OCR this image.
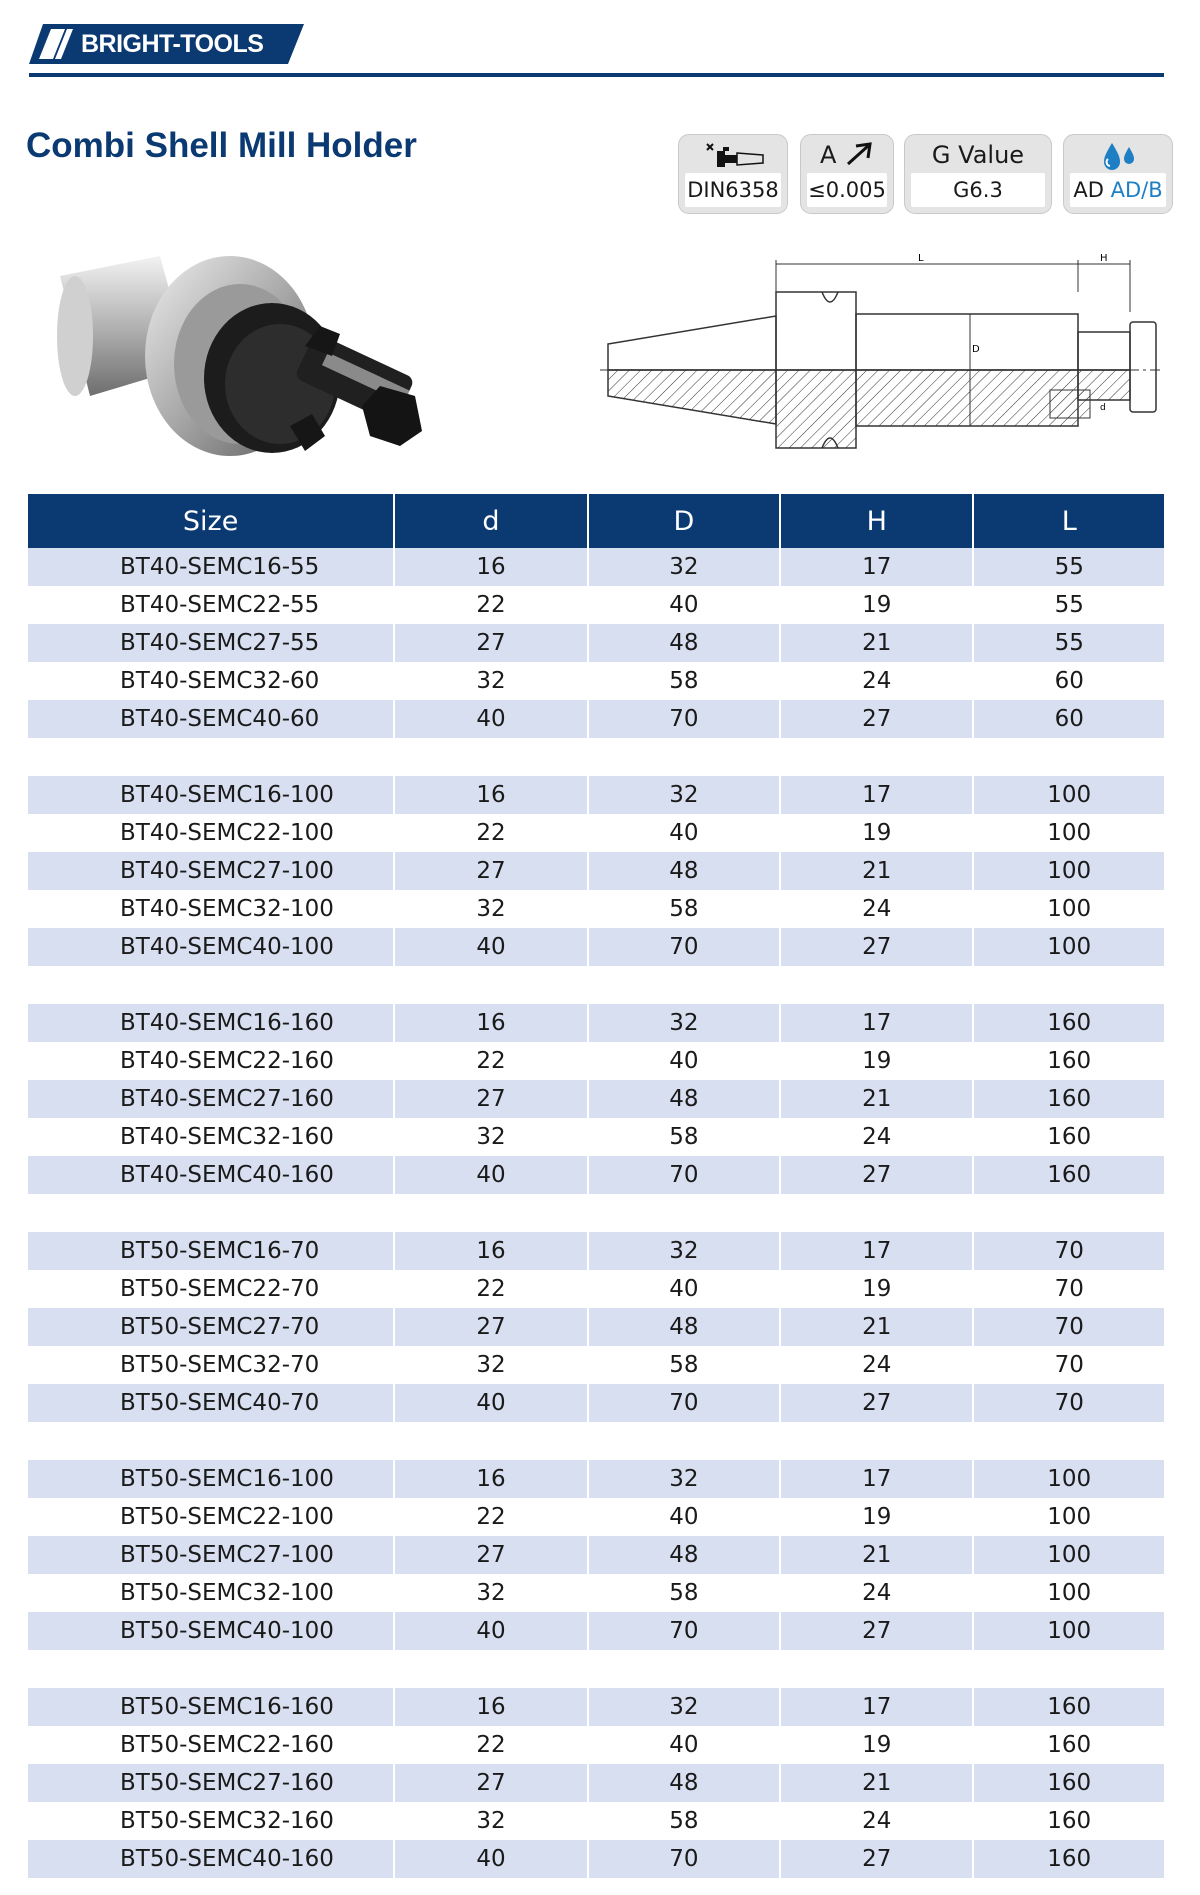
BRIGHT-TOOLS
Combi Shell Mill Holder
DIN6358
A
≤0.005
G Value
G6.3	AD AD/B
L	H
D
d
Size	d	D	H	L
BT40-SEMC16-55	16	32	17	55
BT40-SEMC22-55	22	40	19	55
BT40-SEMC27-55	27	48	21	55
BT40-SEMC32-60	32	58	24	60
BT40-SEMC40-60	40	70	27	60

BT40-SEMC16-100	16	32	17	100
BT40-SEMC22-100	22	40	19	100
BT40-SEMC27-100	27	48	21	100
BT40-SEMC32-100	32	58	24	100
BT40-SEMC40-100	40	70	27	100

BT40-SEMC16-160	16	32	17	160
BT40-SEMC22-160	22	40	19	160
BT40-SEMC27-160	27	48	21	160
BT40-SEMC32-160	32	58	24	160
BT40-SEMC40-160	40	70	27	160

BT50-SEMC16-70	16	32	17	70
BT50-SEMC22-70	22	40	19	70
BT50-SEMC27-70	27	48	21	70
BT50-SEMC32-70	32	58	24	70
BT50-SEMC40-70	40	70	27	70

BT50-SEMC16-100	16	32	17	100
BT50-SEMC22-100	22	40	19	100
BT50-SEMC27-100	27	48	21	100
BT50-SEMC32-100	32	58	24	100
BT50-SEMC40-100	40	70	27	100

BT50-SEMC16-160	16	32	17	160
BT50-SEMC22-160	22	40	19	160
BT50-SEMC27-160	27	48	21	160
BT50-SEMC32-160	32	58	24	160
BT50-SEMC40-160	40	70	27	160
